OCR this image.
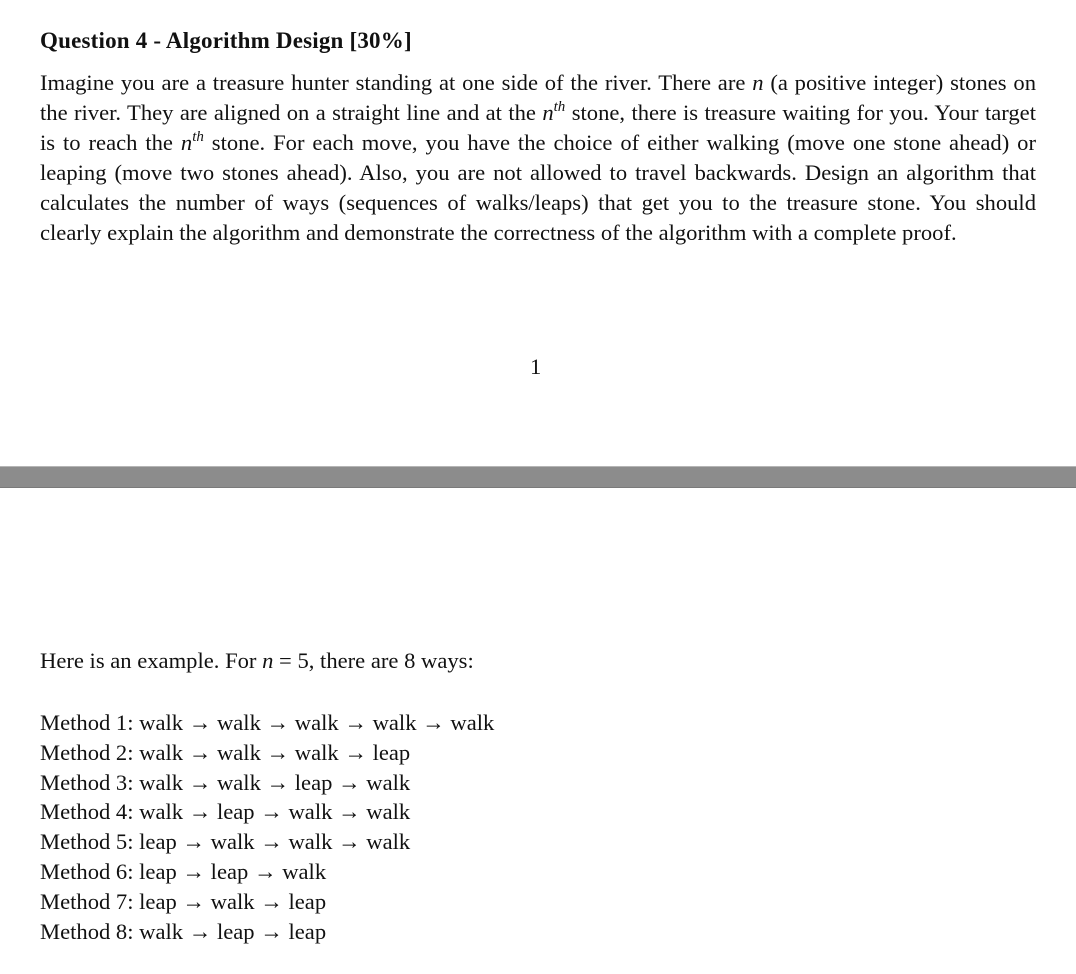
Question 4 - Algorithm Design [30%]

Imagine you are a treasure hunter standing at one side of the river. There are n (a positive integer) stones on the river. They are aligned on a straight line and at the $n^{th}$ stone, there is treasure waiting for you. Your target is to reach the $n^{th}$ stone. For each move, you have the choice of either walking (move one stone ahead) or leaping (move two stones ahead). Also, you are not allowed to travel backwards. Design an algorithm that calculates the number of ways (sequences of walks/leaps) that get you to the treasure stone. You should clearly explain the algorithm and demonstrate the correctness of the algorithm with a complete proof.

1
Here is an example. For n = 5, there are 8 ways:
Method 1: walk → walk → walk → walk → walk
Method 2: walk → walk → walk → leap
Method 3: walk → walk → leap → walk
Method 4: walk → leap → walk → walk
Method 5: leap → walk → walk → walk
Method 6: leap → leap → walk
Method 7: leap → walk → leap
Method 8: walk → leap → leap
